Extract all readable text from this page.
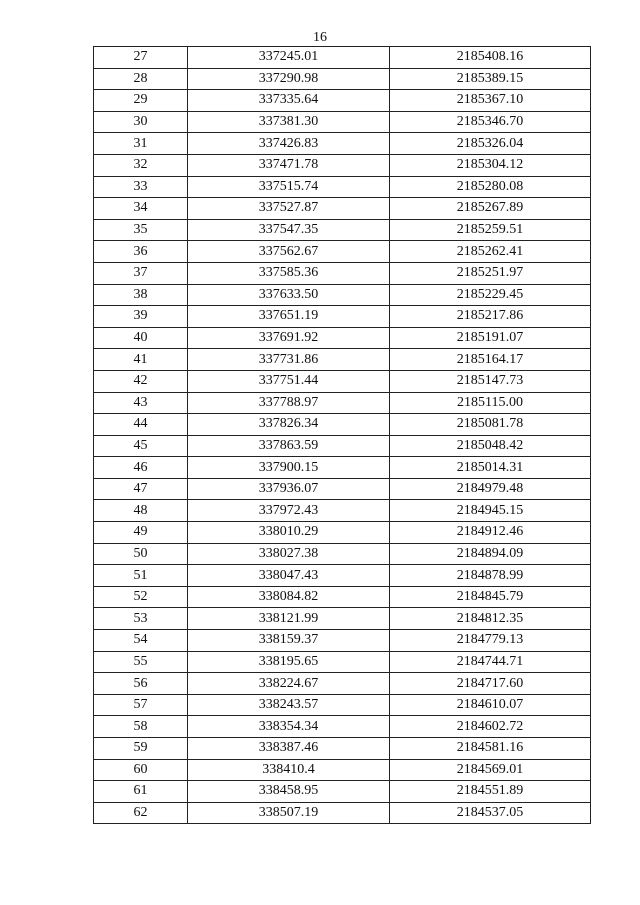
16
27	337245.01	2185408.16
28	337290.98	2185389.15
29	337335.64	2185367.10
30	337381.30	2185346.70
31	337426.83	2185326.04
32	337471.78	2185304.12
33	337515.74	2185280.08
34	337527.87	2185267.89
35	337547.35	2185259.51
36	337562.67	2185262.41
37	337585.36	2185251.97
38	337633.50	2185229.45
39	337651.19	2185217.86
40	337691.92	2185191.07
41	337731.86	2185164.17
42	337751.44	2185147.73
43	337788.97	2185115.00
44	337826.34	2185081.78
45	337863.59	2185048.42
46	337900.15	2185014.31
47	337936.07	2184979.48
48	337972.43	2184945.15
49	338010.29	2184912.46
50	338027.38	2184894.09
51	338047.43	2184878.99
52	338084.82	2184845.79
53	338121.99	2184812.35
54	338159.37	2184779.13
55	338195.65	2184744.71
56	338224.67	2184717.60
57	338243.57	2184610.07
58	338354.34	2184602.72
59	338387.46	2184581.16
60	338410.4	2184569.01
61	338458.95	2184551.89
62	338507.19	2184537.05
